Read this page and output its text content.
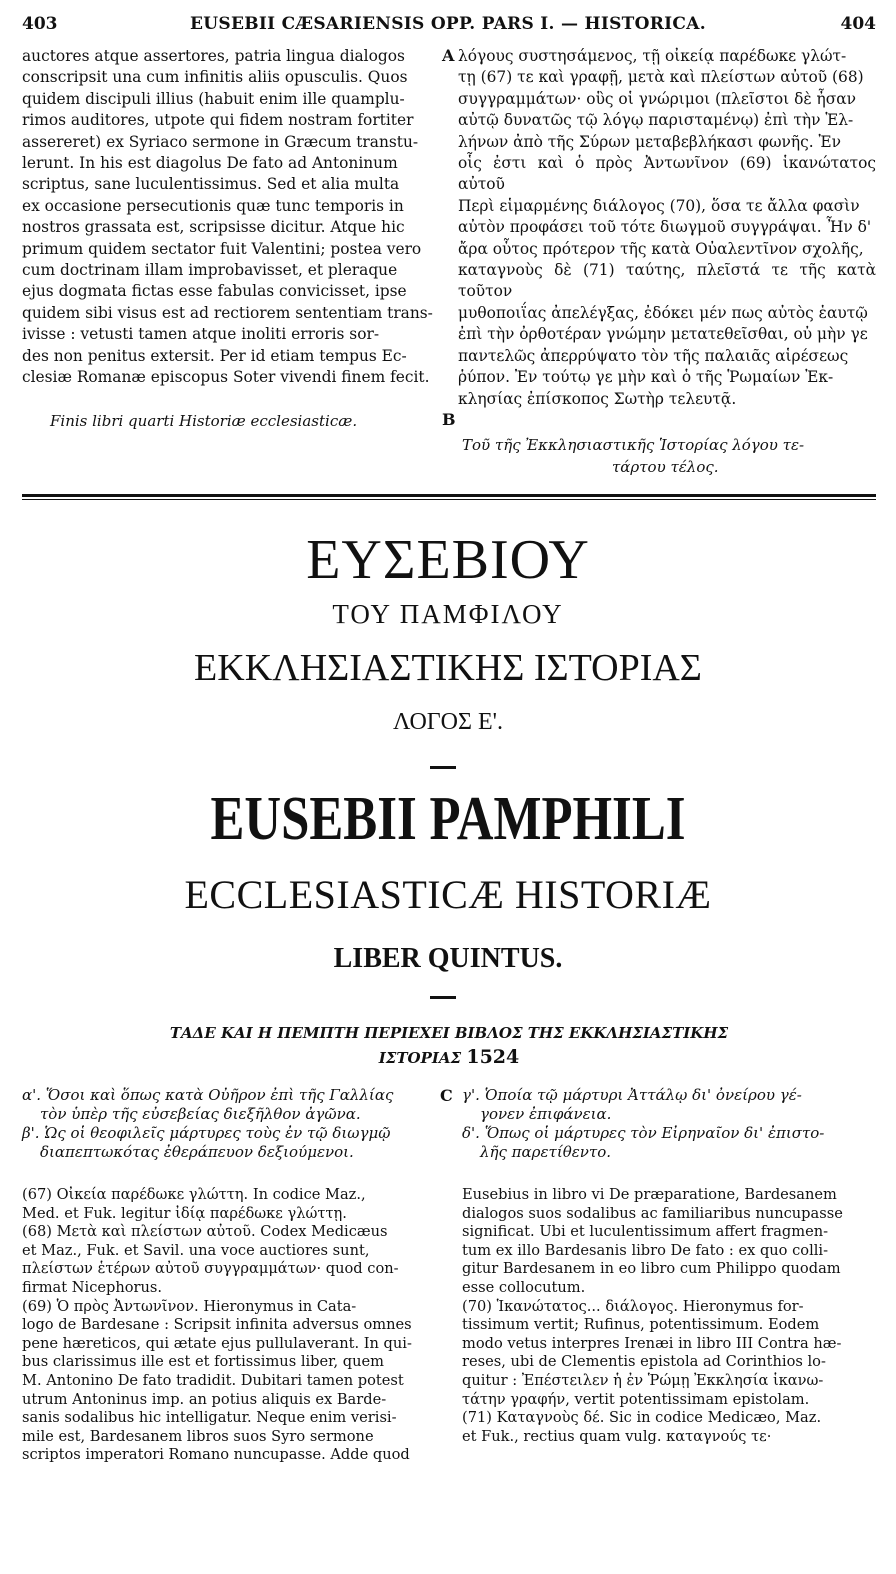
403	EUSEBII CÆSARIENSIS OPP. PARS I. — HISTORICA.	404

auctores atque assertores, patria lingua dialogos

conscripsit una cum infinitis aliis opusculis. Quos

quidem discipuli illius (habuit enim ille quamplu-

rimos auditores, utpote qui fidem nostram fortiter

assereret) ex Syriaco sermone in Græcum transtu-

lerunt. In his est diagolus De fato ad Antoninum

scriptus, sane luculentissimus. Sed et alia multa

ex occasione persecutionis quæ tunc temporis in

nostros grassata est, scripsisse dicitur. Atque hic

primum quidem sectator fuit Valentini; postea vero

cum doctrinam illam improbavisset, et pleraque

ejus dogmata fictas esse fabulas convicisset, ipse

quidem sibi visus est ad rectiorem sententiam trans-

ivisse : vetusti tamen atque inoliti erroris sor-

des non penitus extersit. Per id etiam tempus Ec-

clesiæ Romanæ episcopus Soter vivendi finem fecit.

Finis libri quarti Historiæ ecclesiasticæ.
A
B

λόγους συστησάμενος, τῇ οἰκείᾳ παρέδωκε γλώτ-

τῃ (67) τε καὶ γραφῇ, μετὰ καὶ πλείστων αὐτοῦ (68)

συγγραμμάτων· οὓς οἱ γνώριμοι (πλεῖστοι δὲ ἦσαν

αὐτῷ δυνατῶς τῷ λόγῳ παρισταμένῳ) ἐπὶ τὴν Ἑλ-

λήνων ἀπὸ τῆς Σύρων μεταβεβλήκασι φωνῆς. Ἐν

οἷς ἐστι καὶ ὁ πρὸς Ἀντωνῖνον (69) ἱκανώτατος αὐτοῦ

Περὶ εἱμαρμένης διάλογος (70), ὅσα τε ἄλλα φασὶν

αὐτὸν προφάσει τοῦ τότε διωγμοῦ συγγράψαι. Ἦν δ'

ἄρα οὗτος πρότερον τῆς κατὰ Οὐαλεντῖνον σχολῆς,

καταγνοὺς δὲ (71) ταύτης, πλεῖστά τε τῆς κατὰ τοῦτον

μυθοποιΐας ἀπελέγξας, ἐδόκει μέν πως αὐτὸς ἑαυτῷ

ἐπὶ τὴν ὀρθοτέραν γνώμην μετατεθεῖσθαι, οὐ μὴν γε

παντελῶς ἀπερρύψατο τὸν τῆς παλαιᾶς αἱρέσεως

ῥύπον. Ἐν τούτῳ γε μὴν καὶ ὁ τῆς Ῥωμαίων Ἐκ-

κλησίας ἐπίσκοπος Σωτὴρ τελευτᾷ.

Τοῦ τῆς Ἐκκλησιαστικῆς Ἱστορίας λόγου τε-
τάρτου τέλος.
ΕΥΣΕΒΙΟΥ
ΤΟΥ ΠΑΜΦΙΛΟΥ
ΕΚΚΛΗΣΙΑΣΤΙΚΗΣ ΙΣΤΟΡΙΑΣ
ΛΟΓΟΣ Ε'.
EUSEBII PAMPHILI
ECCLESIASTICÆ HISTORIÆ
LIBER QUINTUS.
ΤΑΔΕ ΚΑΙ Η ΠΕΜΠΤΗ ΠΕΡΙΕΧΕΙ ΒΙΒΛΟΣ ΤΗΣ ΕΚΚΛΗΣΙΑΣΤΙΚΗΣ
ΙΣΤΟΡΙΑΣ 1524
α'. Ὅσοι καὶ ὅπως κατὰ Οὐῆρον ἐπὶ τῆς Γαλλίας
τὸν ὑπὲρ τῆς εὐσεβείας διεξῆλθον ἀγῶνα.
β'. Ὡς οἱ θεοφιλεῖς μάρτυρες τοὺς ἐν τῷ διωγμῷ
διαπεπτωκότας ἐθεράπευον δεξιούμενοι.
C γ'. Ὁποία τῷ μάρτυρι Ἀττάλῳ δι' ὀνείρου γέ-
γονεν ἐπιφάνεια.
δ'. Ὅπως οἱ μάρτυρες τὸν Εἰρηναῖον δι' ἐπιστο-
λῆς παρετίθεντο.

(67) Οἰκεία παρέδωκε γλώττη. In codice Maz.,

Med. et Fuk. legitur ἰδίᾳ παρέδωκε γλώττῃ.

(68) Μετὰ καὶ πλείστων αὐτοῦ. Codex Medicæus

et Maz., Fuk. et Savil. una voce auctiores sunt,

πλείστων ἑτέρων αὐτοῦ συγγραμμάτων· quod con-

firmat Nicephorus.

(69) Ὁ πρὸς Ἀντωνῖνον. Hieronymus in Cata-

logo de Bardesane : Scripsit infinita adversus omnes

pene hæreticos, qui ætate ejus pullulaverant. In qui-

bus clarissimus ille est et fortissimus liber, quem

M. Antonino De fato tradidit. Dubitari tamen potest

utrum Antoninus imp. an potius aliquis ex Barde-

sanis sodalibus hic intelligatur. Neque enim verisi-

mile est, Bardesanem libros suos Syro sermone

scriptos imperatori Romano nuncupasse. Adde quod

Eusebius in libro vi De præparatione, Bardesanem

dialogos suos sodalibus ac familiaribus nuncupasse

significat. Ubi et luculentissimum affert fragmen-

tum ex illo Bardesanis libro De fato : ex quo colli-

gitur Bardesanem in eo libro cum Philippo quodam

esse collocutum.

(70) Ἱκανώτατος... διάλογος. Hieronymus for-

tissimum vertit; Rufinus, potentissimum. Eodem

modo vetus interpres Irenæi in libro III Contra hæ-

reses, ubi de Clementis epistola ad Corinthios lo-

quitur : Ἐπέστειλεν ἡ ἐν Ῥώμῃ Ἐκκλησία ἱκανω-

τάτην γραφήν, vertit potentissimam epistolam.

(71) Καταγνοὺς δέ. Sic in codice Medicæo, Maz.

et Fuk., rectius quam vulg. καταγνούς τε·
